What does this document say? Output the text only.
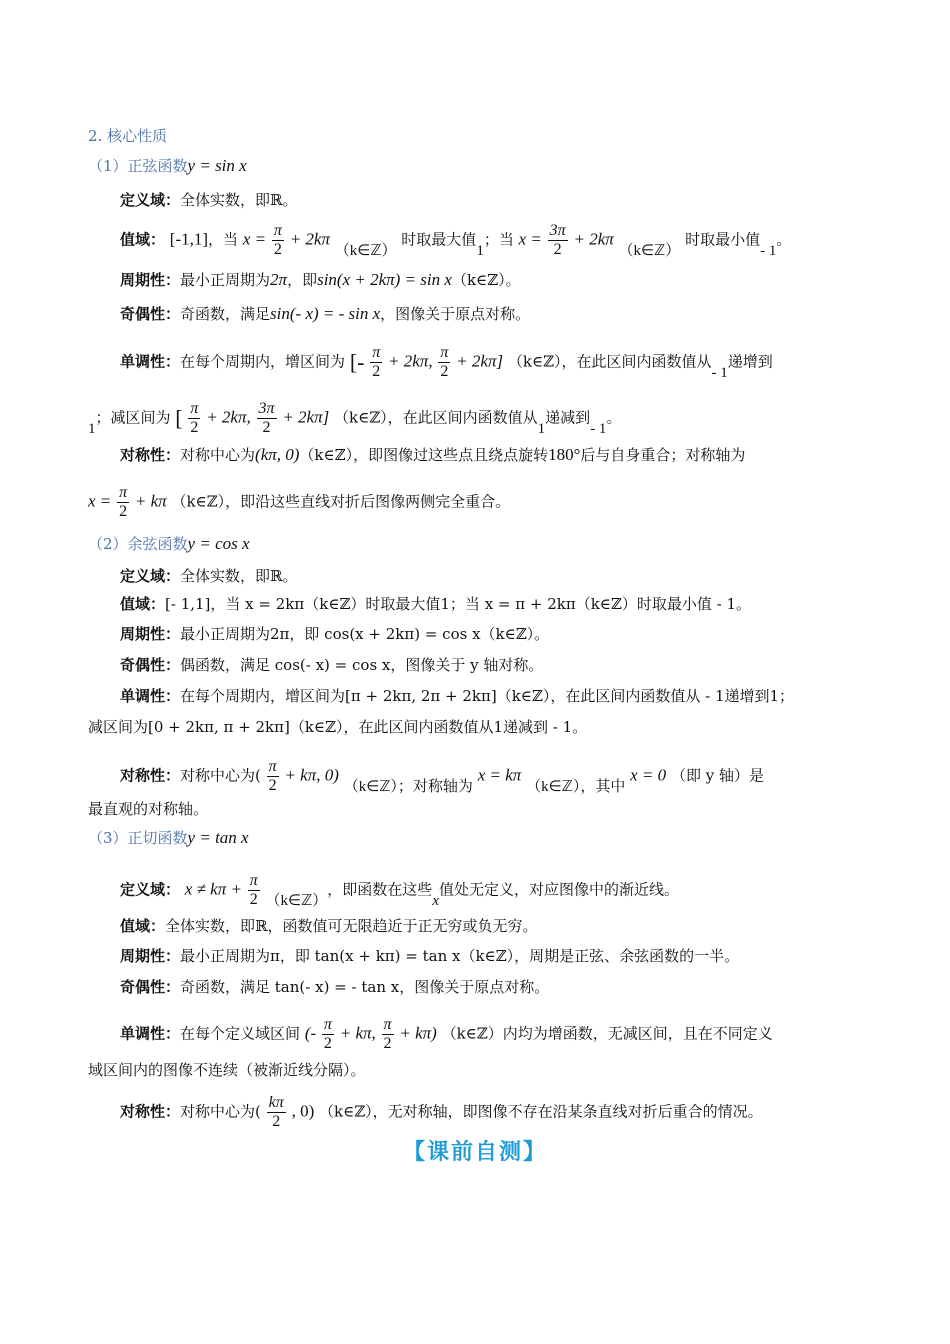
2. 核心性质
（1）正弦函数y = sin x
定义域：全体实数，即ℝ。
值域： [-1,1]，当 $x = \frac{\pi}{2} + 2k\pi$ （k∈ℤ） 时取最大值1；当 $x = \frac{3\pi}{2} + 2k\pi$ （k∈ℤ） 时取最小值- 1。
周期性：最小正周期为2π，即sin(x + 2kπ) = sin x（k∈ℤ）。
奇偶性：奇函数，满足sin(- x) = - sin x，图像关于原点对称。
单调性：在每个周期内，增区间为 [- $\frac{\pi}{2} + 2k\pi$, $\frac{\pi}{2} + 2k\pi$] （k∈ℤ），在此区间内函数值从- 1递增到
1；减区间为 [ $\frac{\pi}{2} + 2k\pi$, $\frac{3\pi}{2} + 2k\pi$] （k∈ℤ），在此区间内函数值从1递减到- 1。
对称性：对称中心为(kπ, 0)（k∈ℤ），即图像过这些点且绕点旋转180°后与自身重合；对称轴为
$x = \frac{\pi}{2} + k\pi$ （k∈ℤ），即沿这些直线对折后图像两侧完全重合。
（2）余弦函数y = cos x
定义域：全体实数，即ℝ。
值域：[- 1,1]，当 x = 2kπ（k∈ℤ）时取最大值1；当 x = π + 2kπ（k∈ℤ）时取最小值 - 1。
周期性：最小正周期为2π，即 cos(x + 2kπ) = cos x（k∈ℤ）。
奇偶性：偶函数，满足 cos(- x) = cos x，图像关于 y 轴对称。
单调性：在每个周期内，增区间为[π + 2kπ, 2π + 2kπ]（k∈ℤ），在此区间内函数值从 - 1递增到1；
减区间为[0 + 2kπ, π + 2kπ]（k∈ℤ），在此区间内函数值从1递减到 - 1。
对称性：对称中心为( $\frac{\pi}{2} + k\pi$, 0) （k∈ℤ）；对称轴为 x = kπ （k∈ℤ），其中 x = 0 （即 y 轴）是
最直观的对称轴。
（3）正切函数y = tan x
定义域： $x \ne k\pi + \frac{\pi}{2}$ （k∈ℤ），即函数在这些x值处无定义，对应图像中的渐近线。
值域：全体实数，即ℝ，函数值可无限趋近于正无穷或负无穷。
周期性：最小正周期为π，即 tan(x + kπ) = tan x（k∈ℤ），周期是正弦、余弦函数的一半。
奇偶性：奇函数，满足 tan(- x) = - tan x，图像关于原点对称。
单调性：在每个定义域区间 (- $\frac{\pi}{2} + k\pi$, $\frac{\pi}{2} + k\pi$) （k∈ℤ）内均为增函数，无减区间，且在不同定义
域区间内的图像不连续（被渐近线分隔）。
对称性：对称中心为( $\frac{k\pi}{2}$ , 0) （k∈ℤ），无对称轴，即图像不存在沿某条直线对折后重合的情况。
【课前自测】
